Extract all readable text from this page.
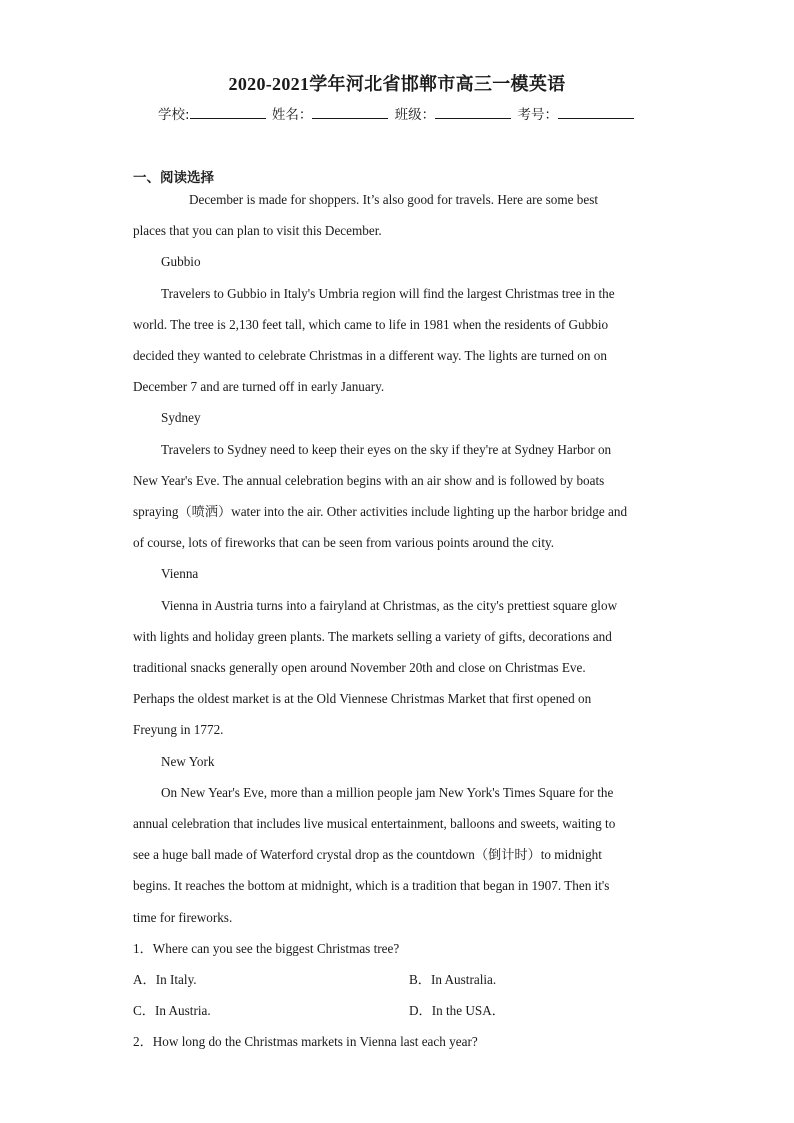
2020-2021学年河北省邯郸市高三一模英语
学校:	姓名：	班级：	考号：
一、阅读选择

December is made for shoppers. It’s also good for travels. Here are some best

places that you can plan to visit this December.

Gubbio

Travelers to Gubbio in Italy's Umbria region will find the largest Christmas tree in the

world. The tree is 2,130 feet tall, which came to life in 1981 when the residents of Gubbio

decided they wanted to celebrate Christmas in a different way. The lights are turned on on

December 7 and are turned off in early January.

Sydney

Travelers to Sydney need to keep their eyes on the sky if they're at Sydney Harbor on

New Year's Eve. The annual celebration begins with an air show and is followed by boats

spraying（喷洒）water into the air. Other activities include lighting up the harbor bridge and

of course, lots of fireworks that can be seen from various points around the city.

Vienna

Vienna in Austria turns into a fairyland at Christmas, as the city's prettiest square glow

with lights and holiday green plants. The markets selling a variety of gifts, decorations and

traditional snacks generally open around November 20th and close on Christmas Eve.

Perhaps the oldest market is at the Old Viennese Christmas Market that first opened on

Freyung in 1772.

New York

On New Year's Eve, more than a million people jam New York's Times Square for the

annual celebration that includes live musical entertainment, balloons and sweets, waiting to

see a huge ball made of Waterford crystal drop as the countdown（倒计时）to midnight

begins. It reaches the bottom at midnight, which is a tradition that began in 1907. Then it's

time for fireworks.

1．Where can you see the biggest Christmas tree?

A．In Italy.	B．In Australia.
C．In Austria.	D．In the USA．

2．How long do the Christmas markets in Vienna last each year?
